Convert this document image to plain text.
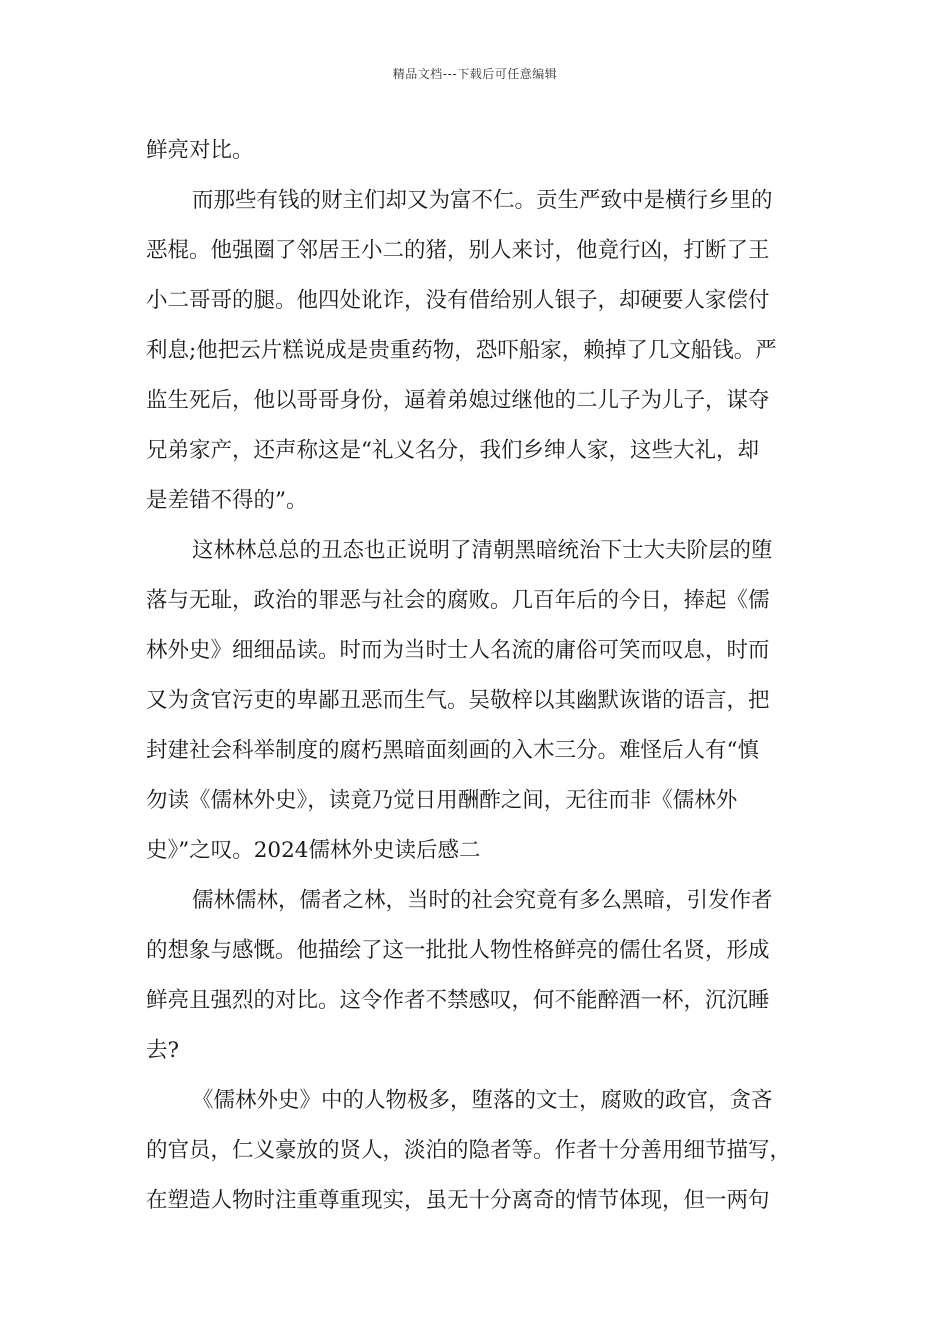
精品文档---下载后可任意编辑
鲜亮对比。
而那些有钱的财主们却又为富不仁。贡生严致中是横行乡里的
恶棍。他强圈了邻居王小二的猪，别人来讨，他竟行凶，打断了王
小二哥哥的腿。他四处讹诈，没有借给别人银子，却硬要人家偿付
利息;他把云片糕说成是贵重药物，恐吓船家，赖掉了几文船钱。严
监生死后，他以哥哥身份，逼着弟媳过继他的二儿子为儿子，谋夺
兄弟家产，还声称这是“礼义名分，我们乡绅人家，这些大礼，却
是差错不得的”。
这林林总总的丑态也正说明了清朝黑暗统治下士大夫阶层的堕
落与无耻，政治的罪恶与社会的腐败。几百年后的今日，捧起《儒
林外史》细细品读。时而为当时士人名流的庸俗可笑而叹息，时而
又为贪官污吏的卑鄙丑恶而生气。吴敬梓以其幽默诙谐的语言，把
封建社会科举制度的腐朽黑暗面刻画的入木三分。难怪后人有“慎
勿读《儒林外史》，读竟乃觉日用酬酢之间，无往而非《儒林外
史》”之叹。2024儒林外史读后感二
儒林儒林，儒者之林，当时的社会究竟有多么黑暗，引发作者
的想象与感慨。他描绘了这一批批人物性格鲜亮的儒仕名贤，形成
鲜亮且强烈的对比。这令作者不禁感叹，何不能醉酒一杯，沉沉睡
去?
《儒林外史》中的人物极多，堕落的文士，腐败的政官，贪吝
的官员，仁义豪放的贤人，淡泊的隐者等。作者十分善用细节描写，
在塑造人物时注重尊重现实，虽无十分离奇的情节体现，但一两句
